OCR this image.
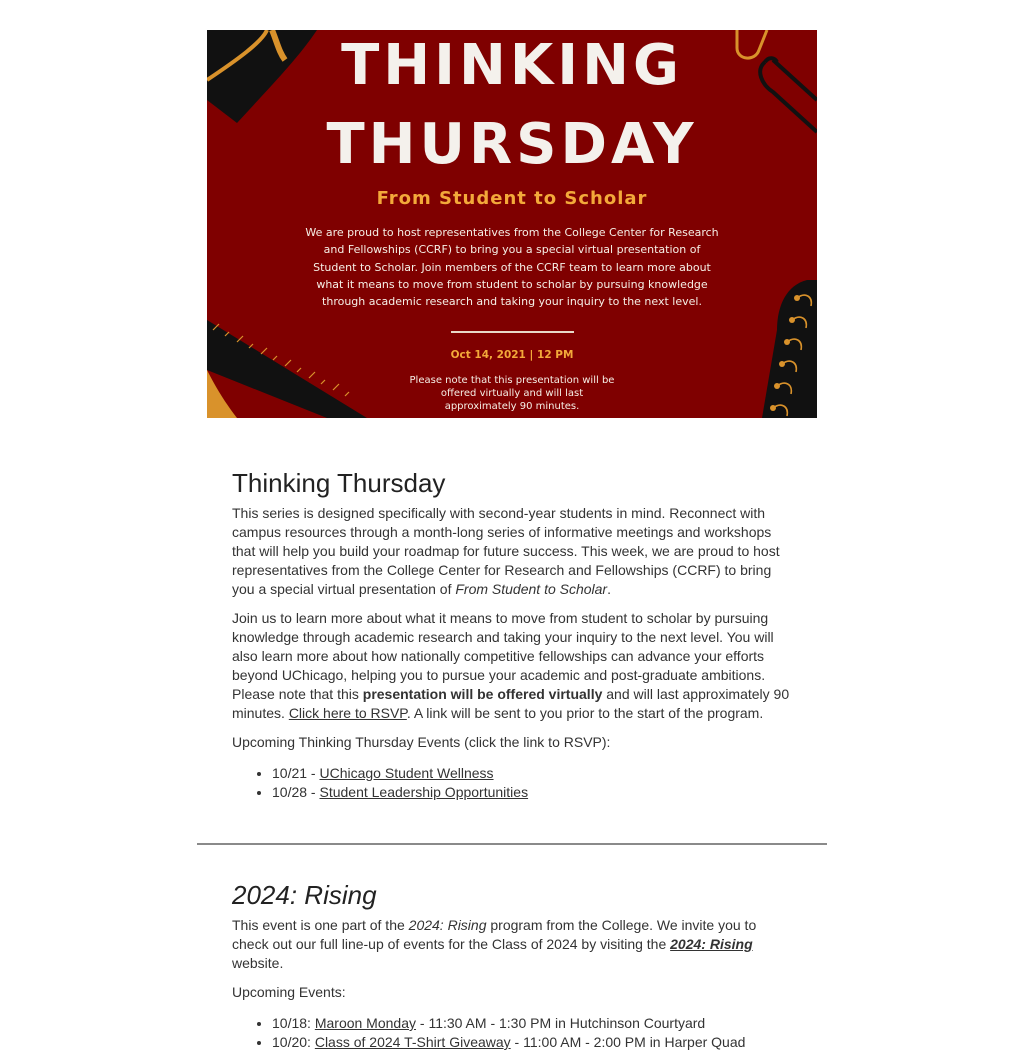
THINKING
THURSDAY
From Student to Scholar
We are proud to host representatives from the College Center for Research and Fellowships (CCRF) to bring you a special virtual presentation of Student to Scholar. Join members of the CCRF team to learn more about what it means to move from student to scholar by pursuing knowledge through academic research and taking your inquiry to the next level.
Oct 14, 2021 | 12 PM
Please note that this presentation will be offered virtually and will last approximately 90 minutes.
Thinking Thursday

This series is designed specifically with second-year students in mind. Reconnect with campus resources through a month-long series of informative meetings and workshops that will help you build your roadmap for future success. This week, we are proud to host representatives from the College Center for Research and Fellowships (CCRF) to bring you a special virtual presentation of From Student to Scholar.

Join us to learn more about what it means to move from student to scholar by pursuing knowledge through academic research and taking your inquiry to the next level. You will also learn more about how nationally competitive fellowships can advance your efforts beyond UChicago, helping you to pursue your academic and post-graduate ambitions. Please note that this presentation will be offered virtually and will last approximately 90 minutes. Click here to RSVP. A link will be sent to you prior to the start of the program.

Upcoming Thinking Thursday Events (click the link to RSVP):

• 10/21 - UChicago Student Wellness
• 10/28 - Student Leadership Opportunities
2024: Rising

This event is one part of the 2024: Rising program from the College. We invite you to check out our full line-up of events for the Class of 2024 by visiting the 2024: Rising website.

Upcoming Events:

• 10/18: Maroon Monday - 11:30 AM - 1:30 PM in Hutchinson Courtyard
• 10/20: Class of 2024 T-Shirt Giveaway - 11:00 AM - 2:00 PM in Harper Quad
